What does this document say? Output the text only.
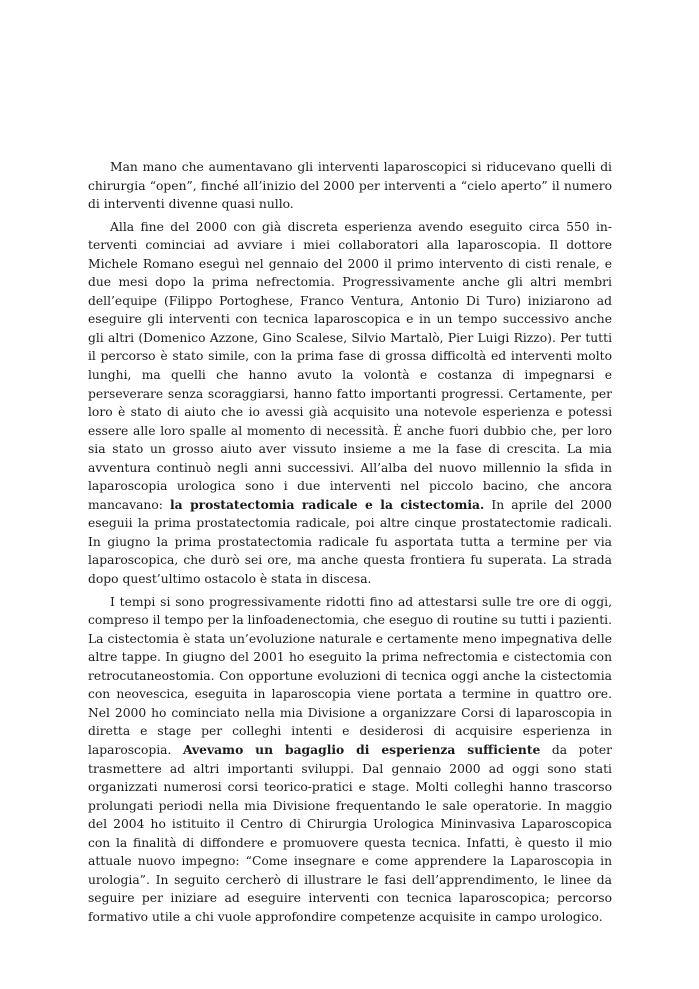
Man mano che aumentavano gli interventi laparoscopici si riducevano quelli di chirurgia “open”, finché all’inizio del 2000 per interventi a “cielo aperto” il numero di interventi divenne quasi nullo.

Alla fine del 2000 con già discreta esperienza avendo eseguito circa 550 interventi cominciai ad avviare i miei collaboratori alla laparoscopia. Il dottore Michele Romano eseguì nel gennaio del 2000 il primo intervento di cisti renale, e due mesi dopo la prima nefrectomia. Progressivamente anche gli altri membri dell’equipe (Filippo Portoghese, Franco Ventura, Antonio Di Turo) iniziarono ad eseguire gli interventi con tecnica laparoscopica e in un tempo successivo anche gli altri (Domenico Azzone, Gino Scalese, Silvio Martalò, Pier Luigi Rizzo). Per tutti il percorso è stato simile, con la prima fase di grossa difficoltà ed interventi molto lunghi, ma quelli che hanno avuto la volontà e costanza di impegnarsi e perseverare senza scoraggiarsi, hanno fatto importanti progressi. Certamente, per loro è stato di aiuto che io avessi già acquisito una notevole esperienza e potessi essere alle loro spalle al momento di necessità. È anche fuori dubbio che, per loro sia stato un grosso aiuto aver vissuto insieme a me la fase di crescita. La mia avventura continuò negli anni successivi. All’alba del nuovo millennio la sfida in laparoscopia urologica sono i due interventi nel piccolo bacino, che ancora mancavano: la prostatectomia radicale e la cistectomia. In aprile del 2000 eseguii la prima prostatectomia radicale, poi altre cinque prostatectomie radicali. In giugno la prima prostatectomia radicale fu asportata tutta a termine per via laparoscopica, che durò sei ore, ma anche questa frontiera fu superata. La strada dopo quest’ultimo ostacolo è stata in discesa.

I tempi si sono progressivamente ridotti fino ad attestarsi sulle tre ore di oggi, compreso il tempo per la linfoadenectomia, che eseguo di routine su tutti i pazienti. La cistectomia è stata un’evoluzione naturale e certamente meno impegnativa delle altre tappe. In giugno del 2001 ho eseguito la prima nefrectomia e cistectomia con retrocutaneostomia. Con opportune evoluzioni di tecnica oggi anche la cistectomia con neovescica, eseguita in laparoscopia viene portata a termine in quattro ore. Nel 2000 ho cominciato nella mia Divisione a organizzare Corsi di laparoscopia in diretta e stage per colleghi intenti e desiderosi di acquisire esperienza in laparoscopia. Avevamo un bagaglio di esperienza sufficiente da poter trasmettere ad altri importanti sviluppi. Dal gennaio 2000 ad oggi sono stati organizzati numerosi corsi teorico-pratici e stage. Molti colleghi hanno trascorso prolungati periodi nella mia Divisione frequentando le sale operatorie. In maggio del 2004 ho istituito il Centro di Chirurgia Urologica Mininvasiva Laparoscopica con la finalità di diffondere e promuovere questa tecnica. Infatti, è questo il mio attuale nuovo impegno: “Come insegnare e come apprendere la Laparoscopia in urologia”. In seguito cercherò di illustrare le fasi dell’apprendimento, le linee da seguire per iniziare ad eseguire interventi con tecnica laparoscopica; percorso formativo utile a chi vuole approfondire competenze acquisite in campo urologico.
